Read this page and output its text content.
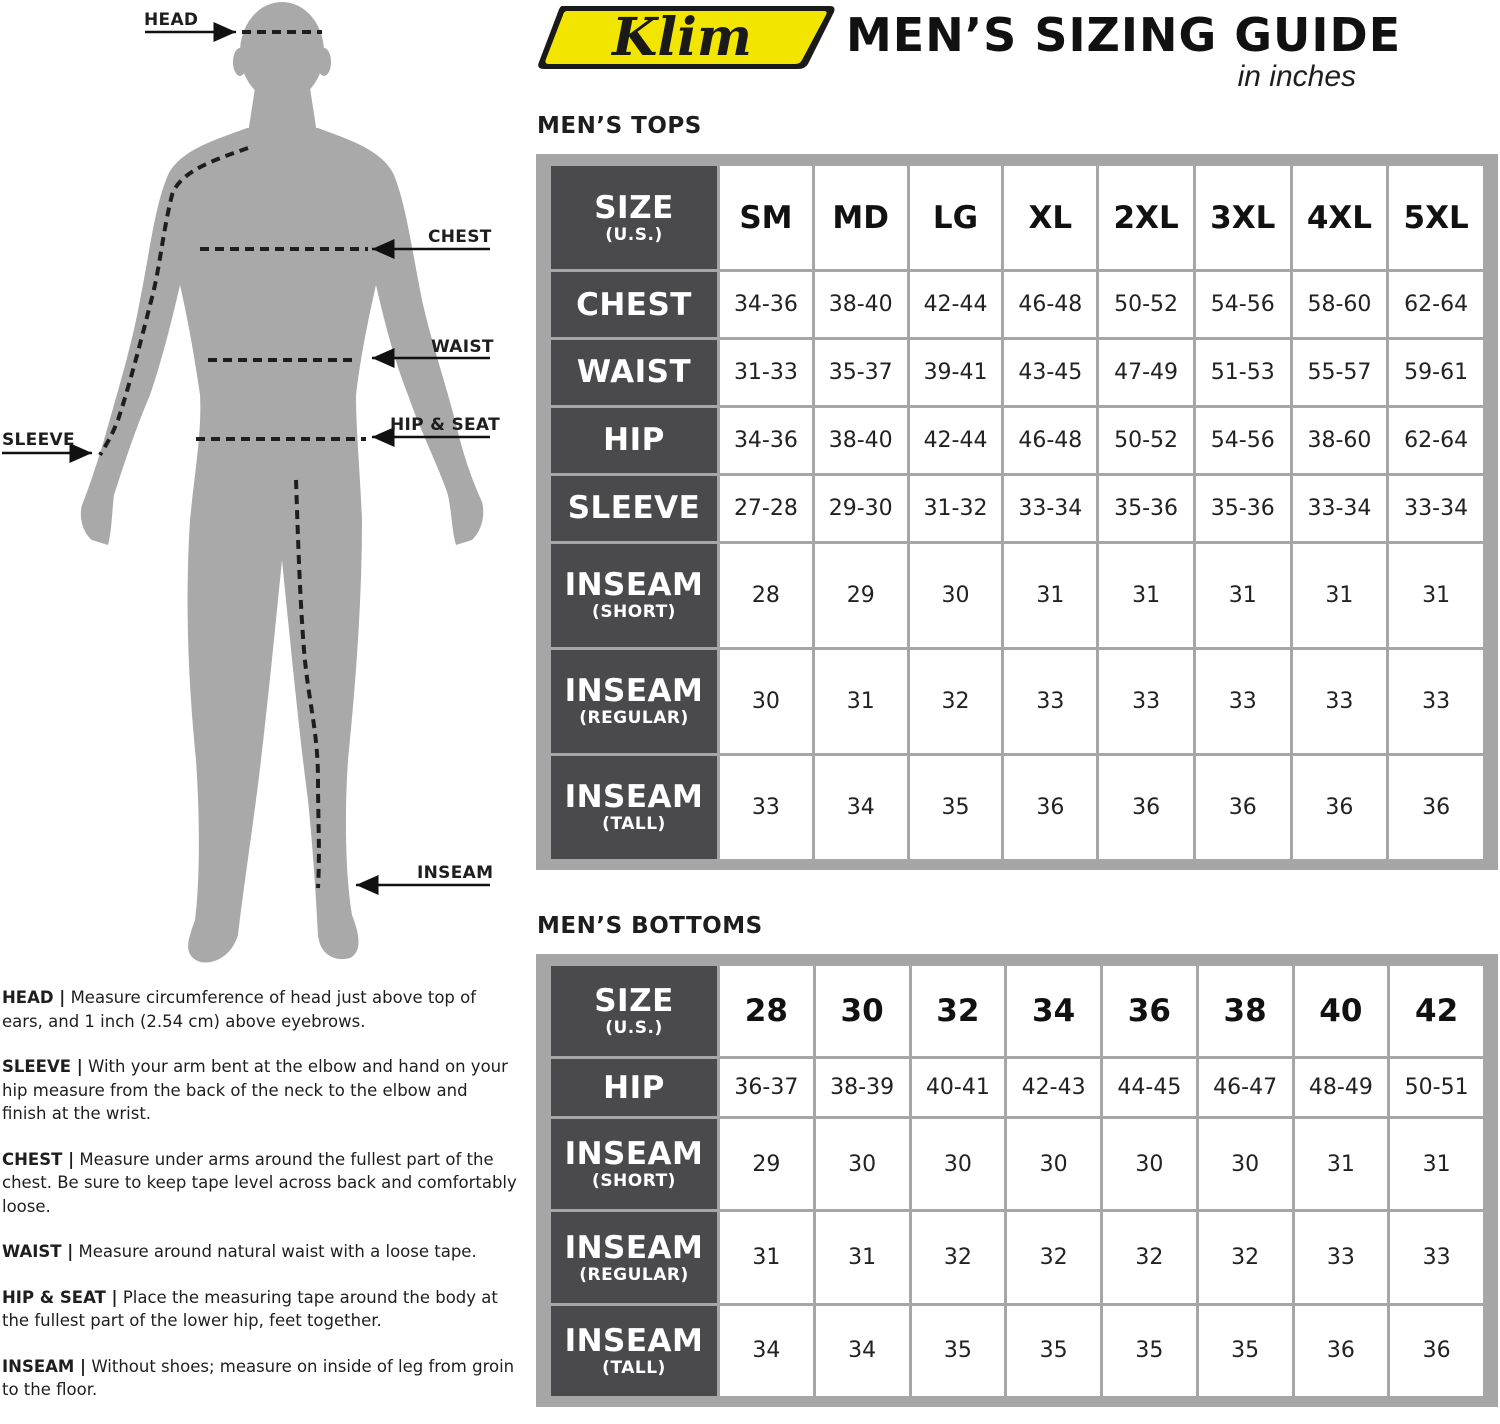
HEAD
CHEST
WAIST
HIP & SEAT
SLEEVE
INSEAM
Klim MEN’S SIZING GUIDE
in inches
MEN’S TOPS
SIZE
(U.S.)	SM	MD	LG	XL	2XL	3XL	4XL	5XL

CHEST	34-36	38-40	42-44	46-48	50-52	54-56	58-60	62-64

WAIST	31-33	35-37	39-41	43-45	47-49	51-53	55-57	59-61

HIP	34-36	38-40	42-44	46-48	50-52	54-56	38-60	62-64

SLEEVE	27-28	29-30	31-32	33-34	35-36	35-36	33-34	33-34

INSEAM
(SHORT)	28	29	30	31	31	31	31	31

INSEAM
(REGULAR)	30	31	32	33	33	33	33	33

INSEAM
(TALL)	33	34	35	36	36	36	36	36
MEN’S BOTTOMS
SIZE
(U.S.)	28	30	32	34	36	38	40	42

HIP	36-37	38-39	40-41	42-43	44-45	46-47	48-49	50-51

INSEAM
(SHORT)	29	30	30	30	30	30	31	31

INSEAM
(REGULAR)	31	31	32	32	32	32	33	33

INSEAM
(TALL)	34	34	35	35	35	35	36	36

HEAD | Measure circumference of head just above top of ears, and 1 inch (2.54 cm) above eyebrows.

SLEEVE | With your arm bent at the elbow and hand on your hip measure from the back of the neck to the elbow and finish at the wrist.

CHEST | Measure under arms around the fullest part of the chest. Be sure to keep tape level across back and comfortably loose.

WAIST | Measure around natural waist with a loose tape.

HIP & SEAT | Place the measuring tape around the body at the fullest part of the lower hip, feet together.

INSEAM | Without shoes; measure on inside of leg from groin to the floor.
